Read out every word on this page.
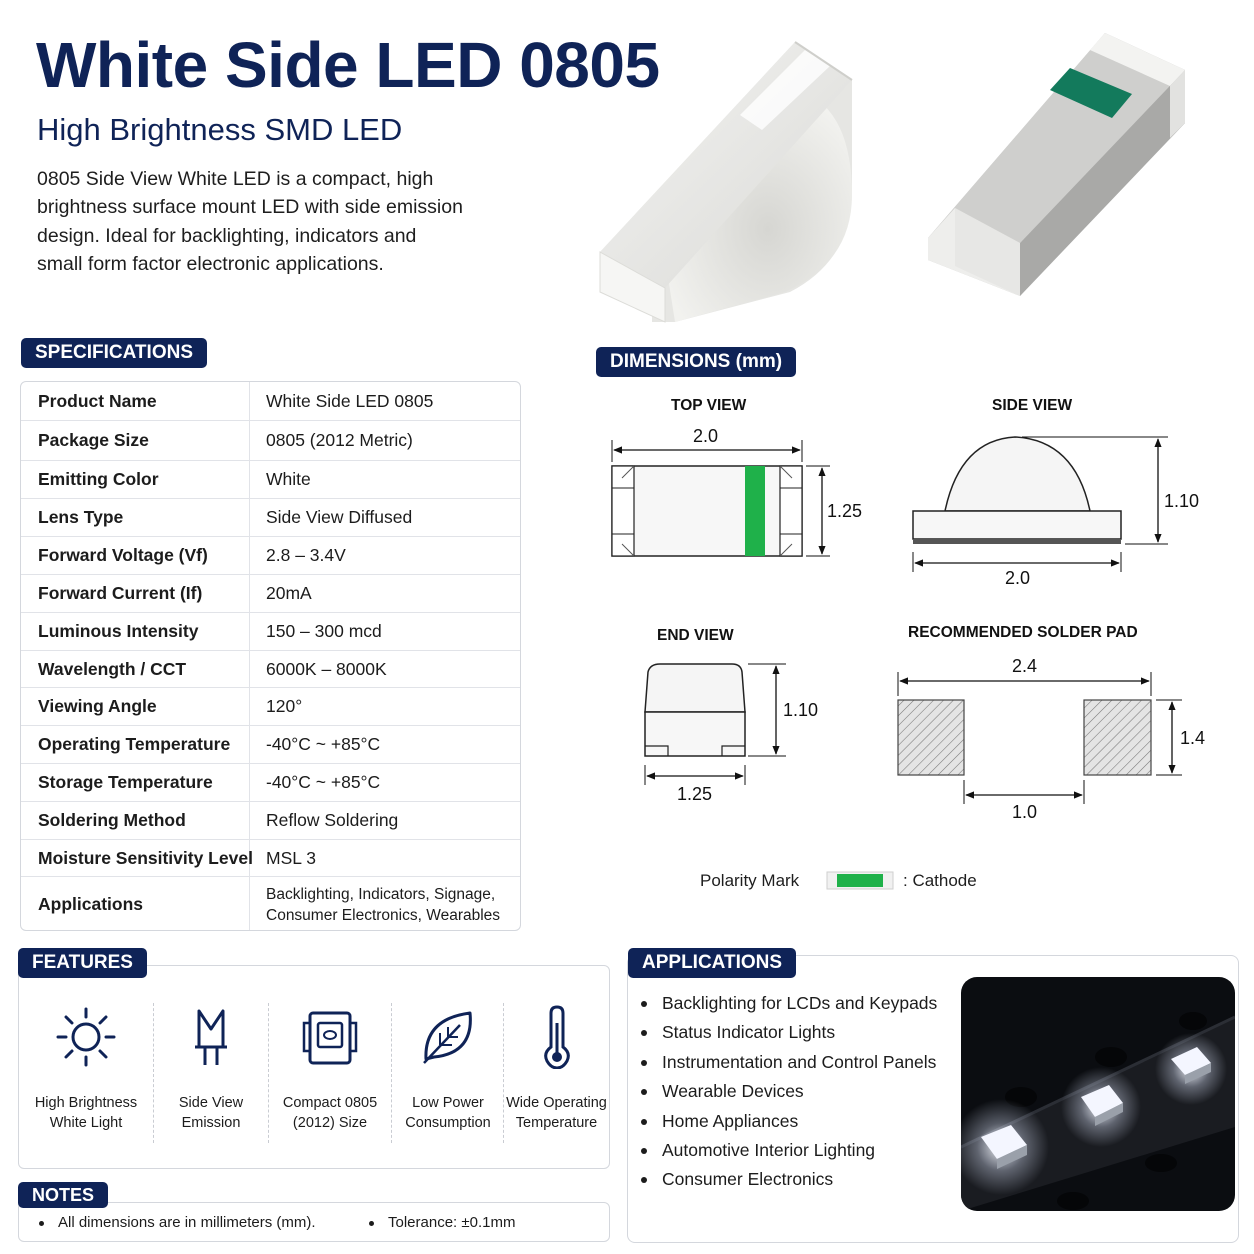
White Side LED 0805
High Brightness SMD LED
0805 Side View White LED is a compact, high
brightness surface mount LED with side emission
design. Ideal for backlighting, indicators and
small form factor electronic applications.
SPECIFICATIONS
Product Name	White Side LED 0805
Package Size	0805 (2012 Metric)
Emitting Color	White
Lens Type	Side View Diffused
Forward Voltage (Vf)	2.8 – 3.4V
Forward Current (If)	20mA
Luminous Intensity	150 – 300 mcd
Wavelength / CCT	6000K – 8000K
Viewing Angle	120°
Operating Temperature -40°C ~ +85°C
Storage Temperature	-40°C ~ +85°C
Soldering Method	Reflow Soldering
Moisture Sensitivity Level MSL 3
Applications	Backlighting, Indicators, Signage,
Consumer Electronics, Wearables
DIMENSIONS (mm)
TOP VIEW	SIDE VIEW
END VIEW	RECOMMENDED SOLDER PAD
2.0
1.25	1.10
2.0
1.10
1.25
2.4
1.4
1.0
Polarity Mark	: Cathode
FEATURES
High Brightness
White Light
Side View
Emission
Compact 0805
(2012) Size
Low Power
Consumption
Wide Operating
Temperature
NOTES
All dimensions are in millimeters (mm).	Tolerance: ±0.1mm
APPLICATIONS
Backlighting for LCDs and Keypads
Status Indicator Lights
Instrumentation and Control Panels
Wearable Devices
Home Appliances
Automotive Interior Lighting
Consumer Electronics
